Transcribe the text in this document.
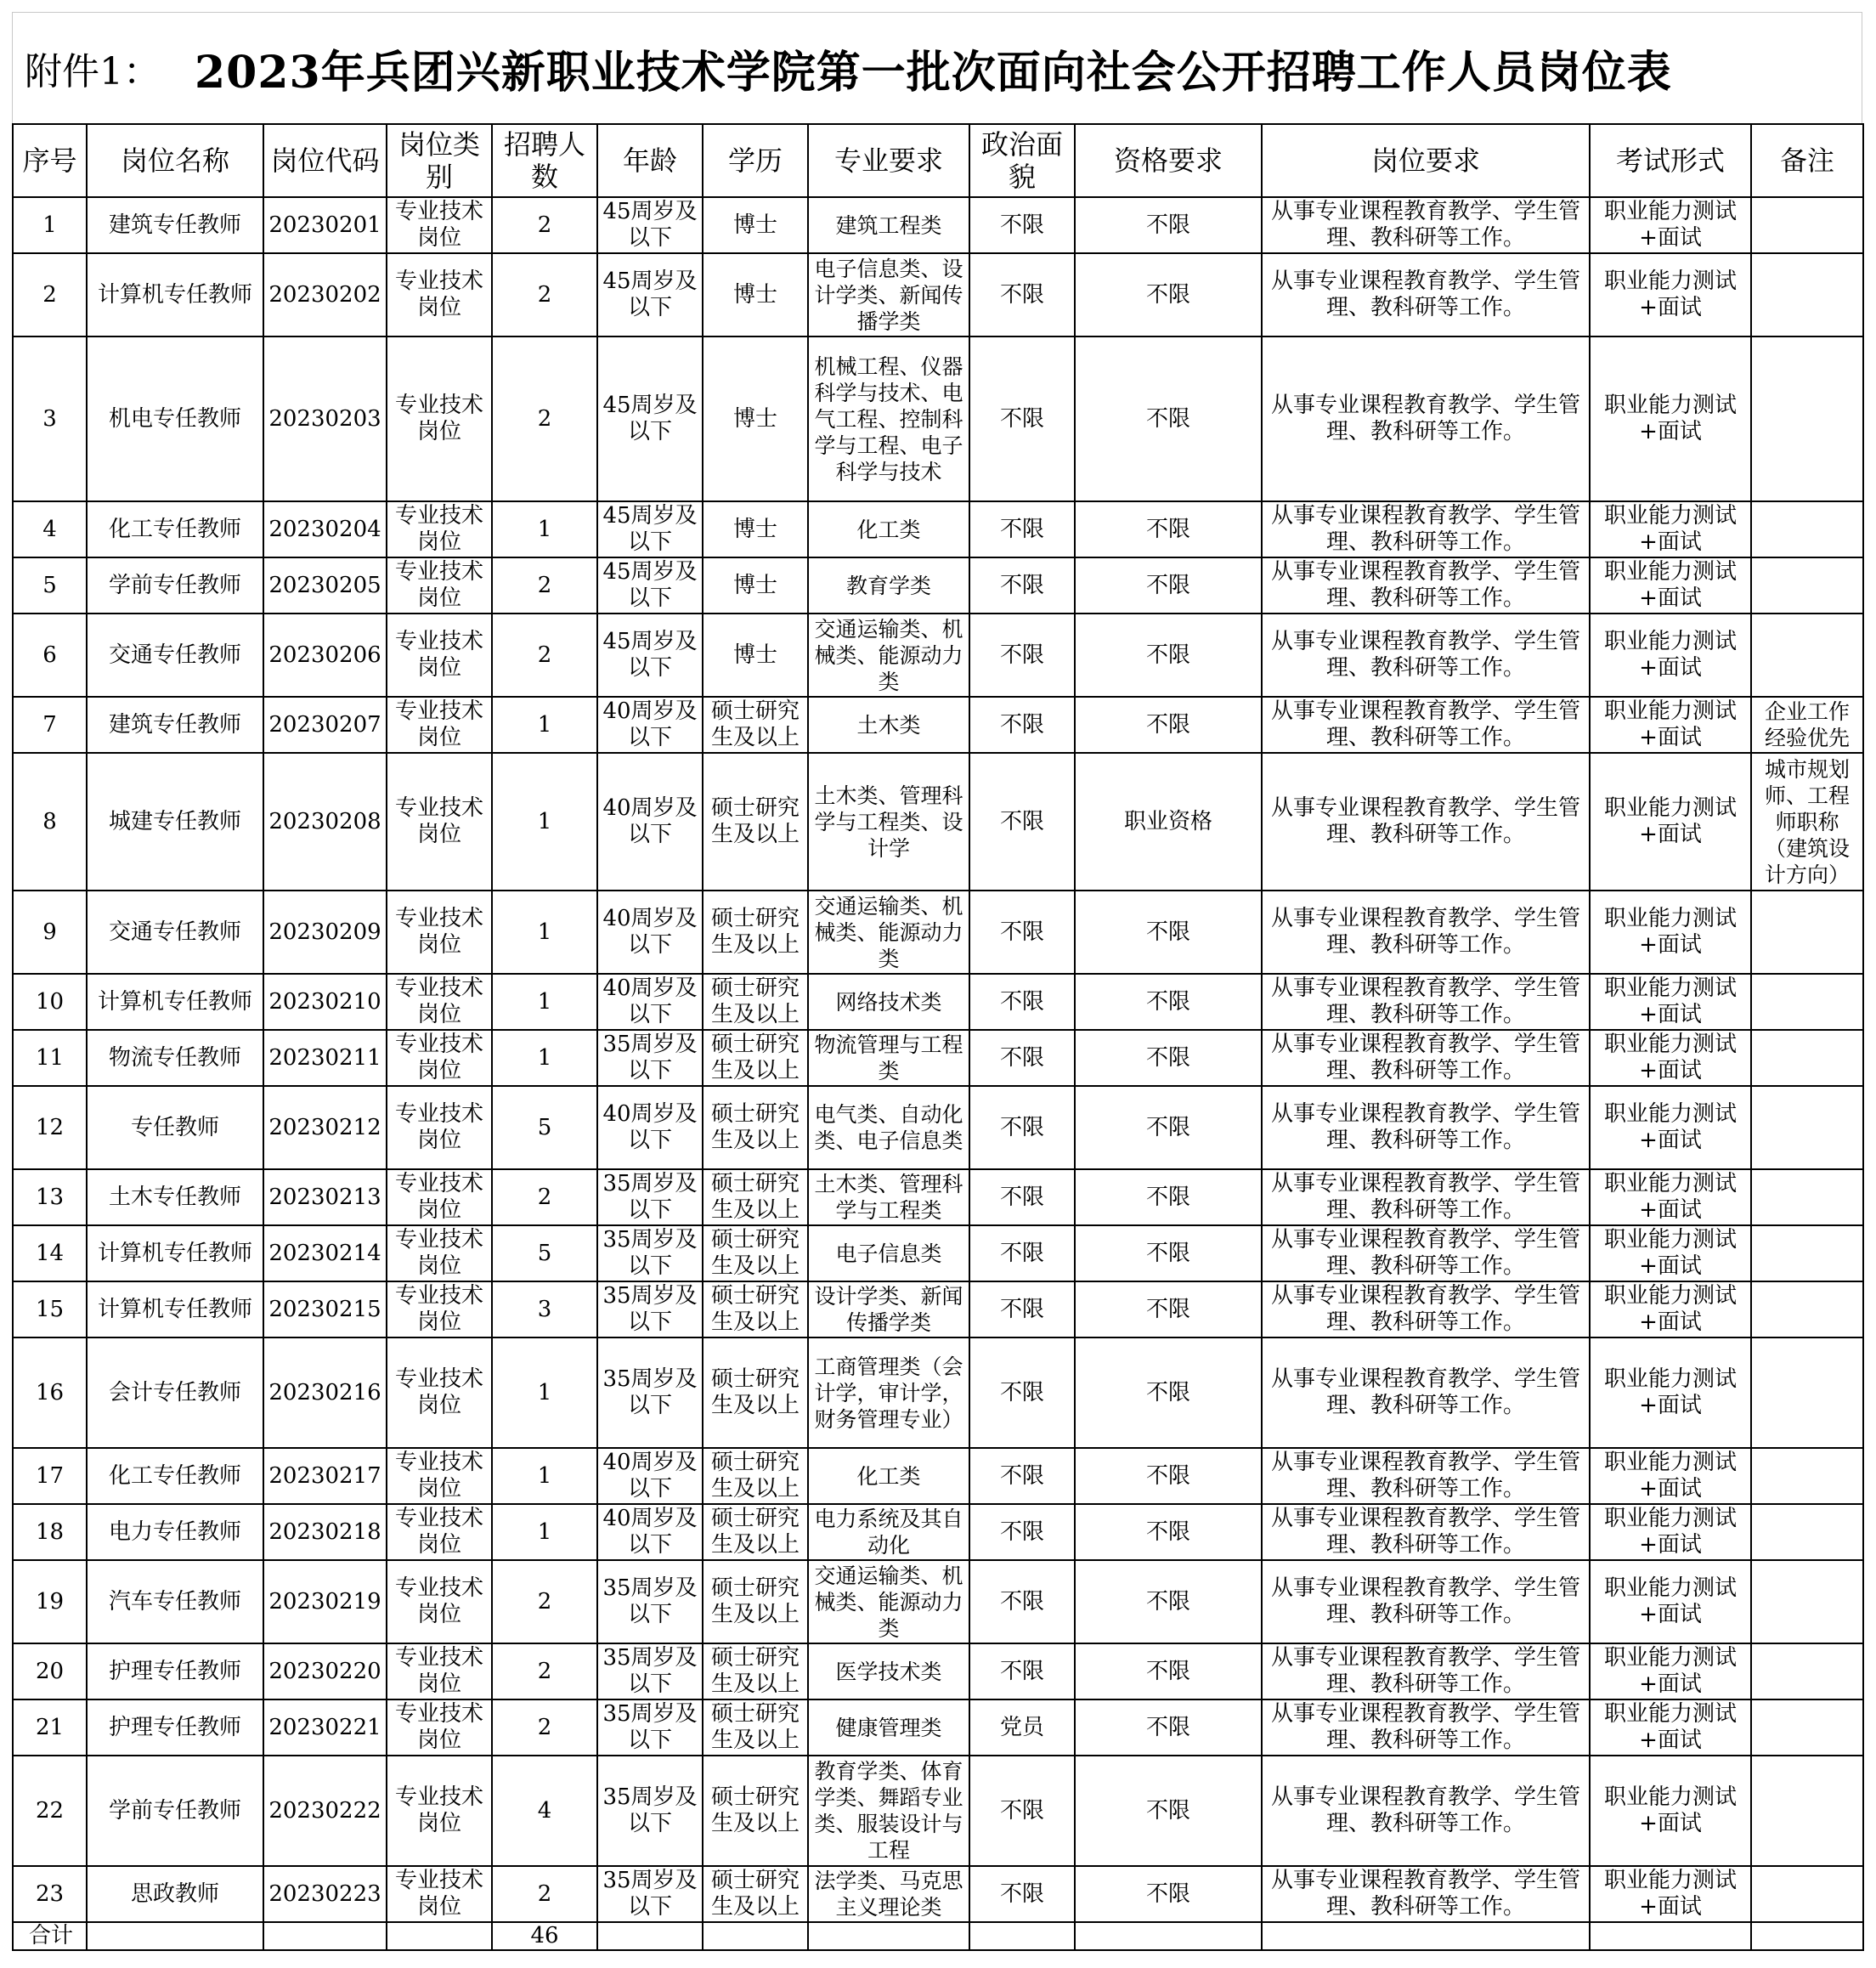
附件1： 2023年兵团兴新职业技术学院第一批次面向社会公开招聘工作人员岗位表
序号	岗位名称	岗位代码	岗位类别	招聘人数	年龄	学历	专业要求	政治面貌	资格要求	岗位要求	考试形式	备注
1	建筑专任教师	20230201	专业技术岗位	2	45周岁及以下	博士	建筑工程类	不限	不限	从事专业课程教育教学、学生管理、教科研等工作。	职业能力测试+面试	
2	计算机专任教师	20230202	专业技术岗位	2	45周岁及以下	博士	电子信息类、设计学类、新闻传播学类	不限	不限	从事专业课程教育教学、学生管理、教科研等工作。	职业能力测试+面试	
3	机电专任教师	20230203	专业技术岗位	2	45周岁及以下	博士	机械工程、仪器科学与技术、电气工程、控制科学与工程、电子科学与技术	不限	不限	从事专业课程教育教学、学生管理、教科研等工作。	职业能力测试+面试	
4	化工专任教师	20230204	专业技术岗位	1	45周岁及以下	博士	化工类	不限	不限	从事专业课程教育教学、学生管理、教科研等工作。	职业能力测试+面试	
5	学前专任教师	20230205	专业技术岗位	2	45周岁及以下	博士	教育学类	不限	不限	从事专业课程教育教学、学生管理、教科研等工作。	职业能力测试+面试	
6	交通专任教师	20230206	专业技术岗位	2	45周岁及以下	博士	交通运输类、机械类、能源动力类	不限	不限	从事专业课程教育教学、学生管理、教科研等工作。	职业能力测试+面试	
7	建筑专任教师	20230207	专业技术岗位	1	40周岁及以下	硕士研究生及以上	土木类	不限	不限	从事专业课程教育教学、学生管理、教科研等工作。	职业能力测试+面试	企业工作经验优先
8	城建专任教师	20230208	专业技术岗位	1	40周岁及以下	硕士研究生及以上	土木类、管理科学与工程类、设计学	不限	职业资格	从事专业课程教育教学、学生管理、教科研等工作。	职业能力测试+面试	城市规划师、工程师职称（建筑设计方向）
9	交通专任教师	20230209	专业技术岗位	1	40周岁及以下	硕士研究生及以上	交通运输类、机械类、能源动力类	不限	不限	从事专业课程教育教学、学生管理、教科研等工作。	职业能力测试+面试	
10	计算机专任教师	20230210	专业技术岗位	1	40周岁及以下	硕士研究生及以上	网络技术类	不限	不限	从事专业课程教育教学、学生管理、教科研等工作。	职业能力测试+面试	
11	物流专任教师	20230211	专业技术岗位	1	35周岁及以下	硕士研究生及以上	物流管理与工程类	不限	不限	从事专业课程教育教学、学生管理、教科研等工作。	职业能力测试+面试	
12	专任教师	20230212	专业技术岗位	5	40周岁及以下	硕士研究生及以上	电气类、自动化类、电子信息类	不限	不限	从事专业课程教育教学、学生管理、教科研等工作。	职业能力测试+面试	
13	土木专任教师	20230213	专业技术岗位	2	35周岁及以下	硕士研究生及以上	土木类、管理科学与工程类	不限	不限	从事专业课程教育教学、学生管理、教科研等工作。	职业能力测试+面试	
14	计算机专任教师	20230214	专业技术岗位	5	35周岁及以下	硕士研究生及以上	电子信息类	不限	不限	从事专业课程教育教学、学生管理、教科研等工作。	职业能力测试+面试	
15	计算机专任教师	20230215	专业技术岗位	3	35周岁及以下	硕士研究生及以上	设计学类、新闻传播学类	不限	不限	从事专业课程教育教学、学生管理、教科研等工作。	职业能力测试+面试	
16	会计专任教师	20230216	专业技术岗位	1	35周岁及以下	硕士研究生及以上	工商管理类（会计学，审计学，财务管理专业）	不限	不限	从事专业课程教育教学、学生管理、教科研等工作。	职业能力测试+面试	
17	化工专任教师	20230217	专业技术岗位	1	40周岁及以下	硕士研究生及以上	化工类	不限	不限	从事专业课程教育教学、学生管理、教科研等工作。	职业能力测试+面试	
18	电力专任教师	20230218	专业技术岗位	1	40周岁及以下	硕士研究生及以上	电力系统及其自动化	不限	不限	从事专业课程教育教学、学生管理、教科研等工作。	职业能力测试+面试	
19	汽车专任教师	20230219	专业技术岗位	2	35周岁及以下	硕士研究生及以上	交通运输类、机械类、能源动力类	不限	不限	从事专业课程教育教学、学生管理、教科研等工作。	职业能力测试+面试	
20	护理专任教师	20230220	专业技术岗位	2	35周岁及以下	硕士研究生及以上	医学技术类	不限	不限	从事专业课程教育教学、学生管理、教科研等工作。	职业能力测试+面试	
21	护理专任教师	20230221	专业技术岗位	2	35周岁及以下	硕士研究生及以上	健康管理类	党员	不限	从事专业课程教育教学、学生管理、教科研等工作。	职业能力测试+面试	
22	学前专任教师	20230222	专业技术岗位	4	35周岁及以下	硕士研究生及以上	教育学类、体育学类、舞蹈专业类、服装设计与工程	不限	不限	从事专业课程教育教学、学生管理、教科研等工作。	职业能力测试+面试	
23	思政教师	20230223	专业技术岗位	2	35周岁及以下	硕士研究生及以上	法学类、马克思主义理论类	不限	不限	从事专业课程教育教学、学生管理、教科研等工作。	职业能力测试+面试	
合计				46								
